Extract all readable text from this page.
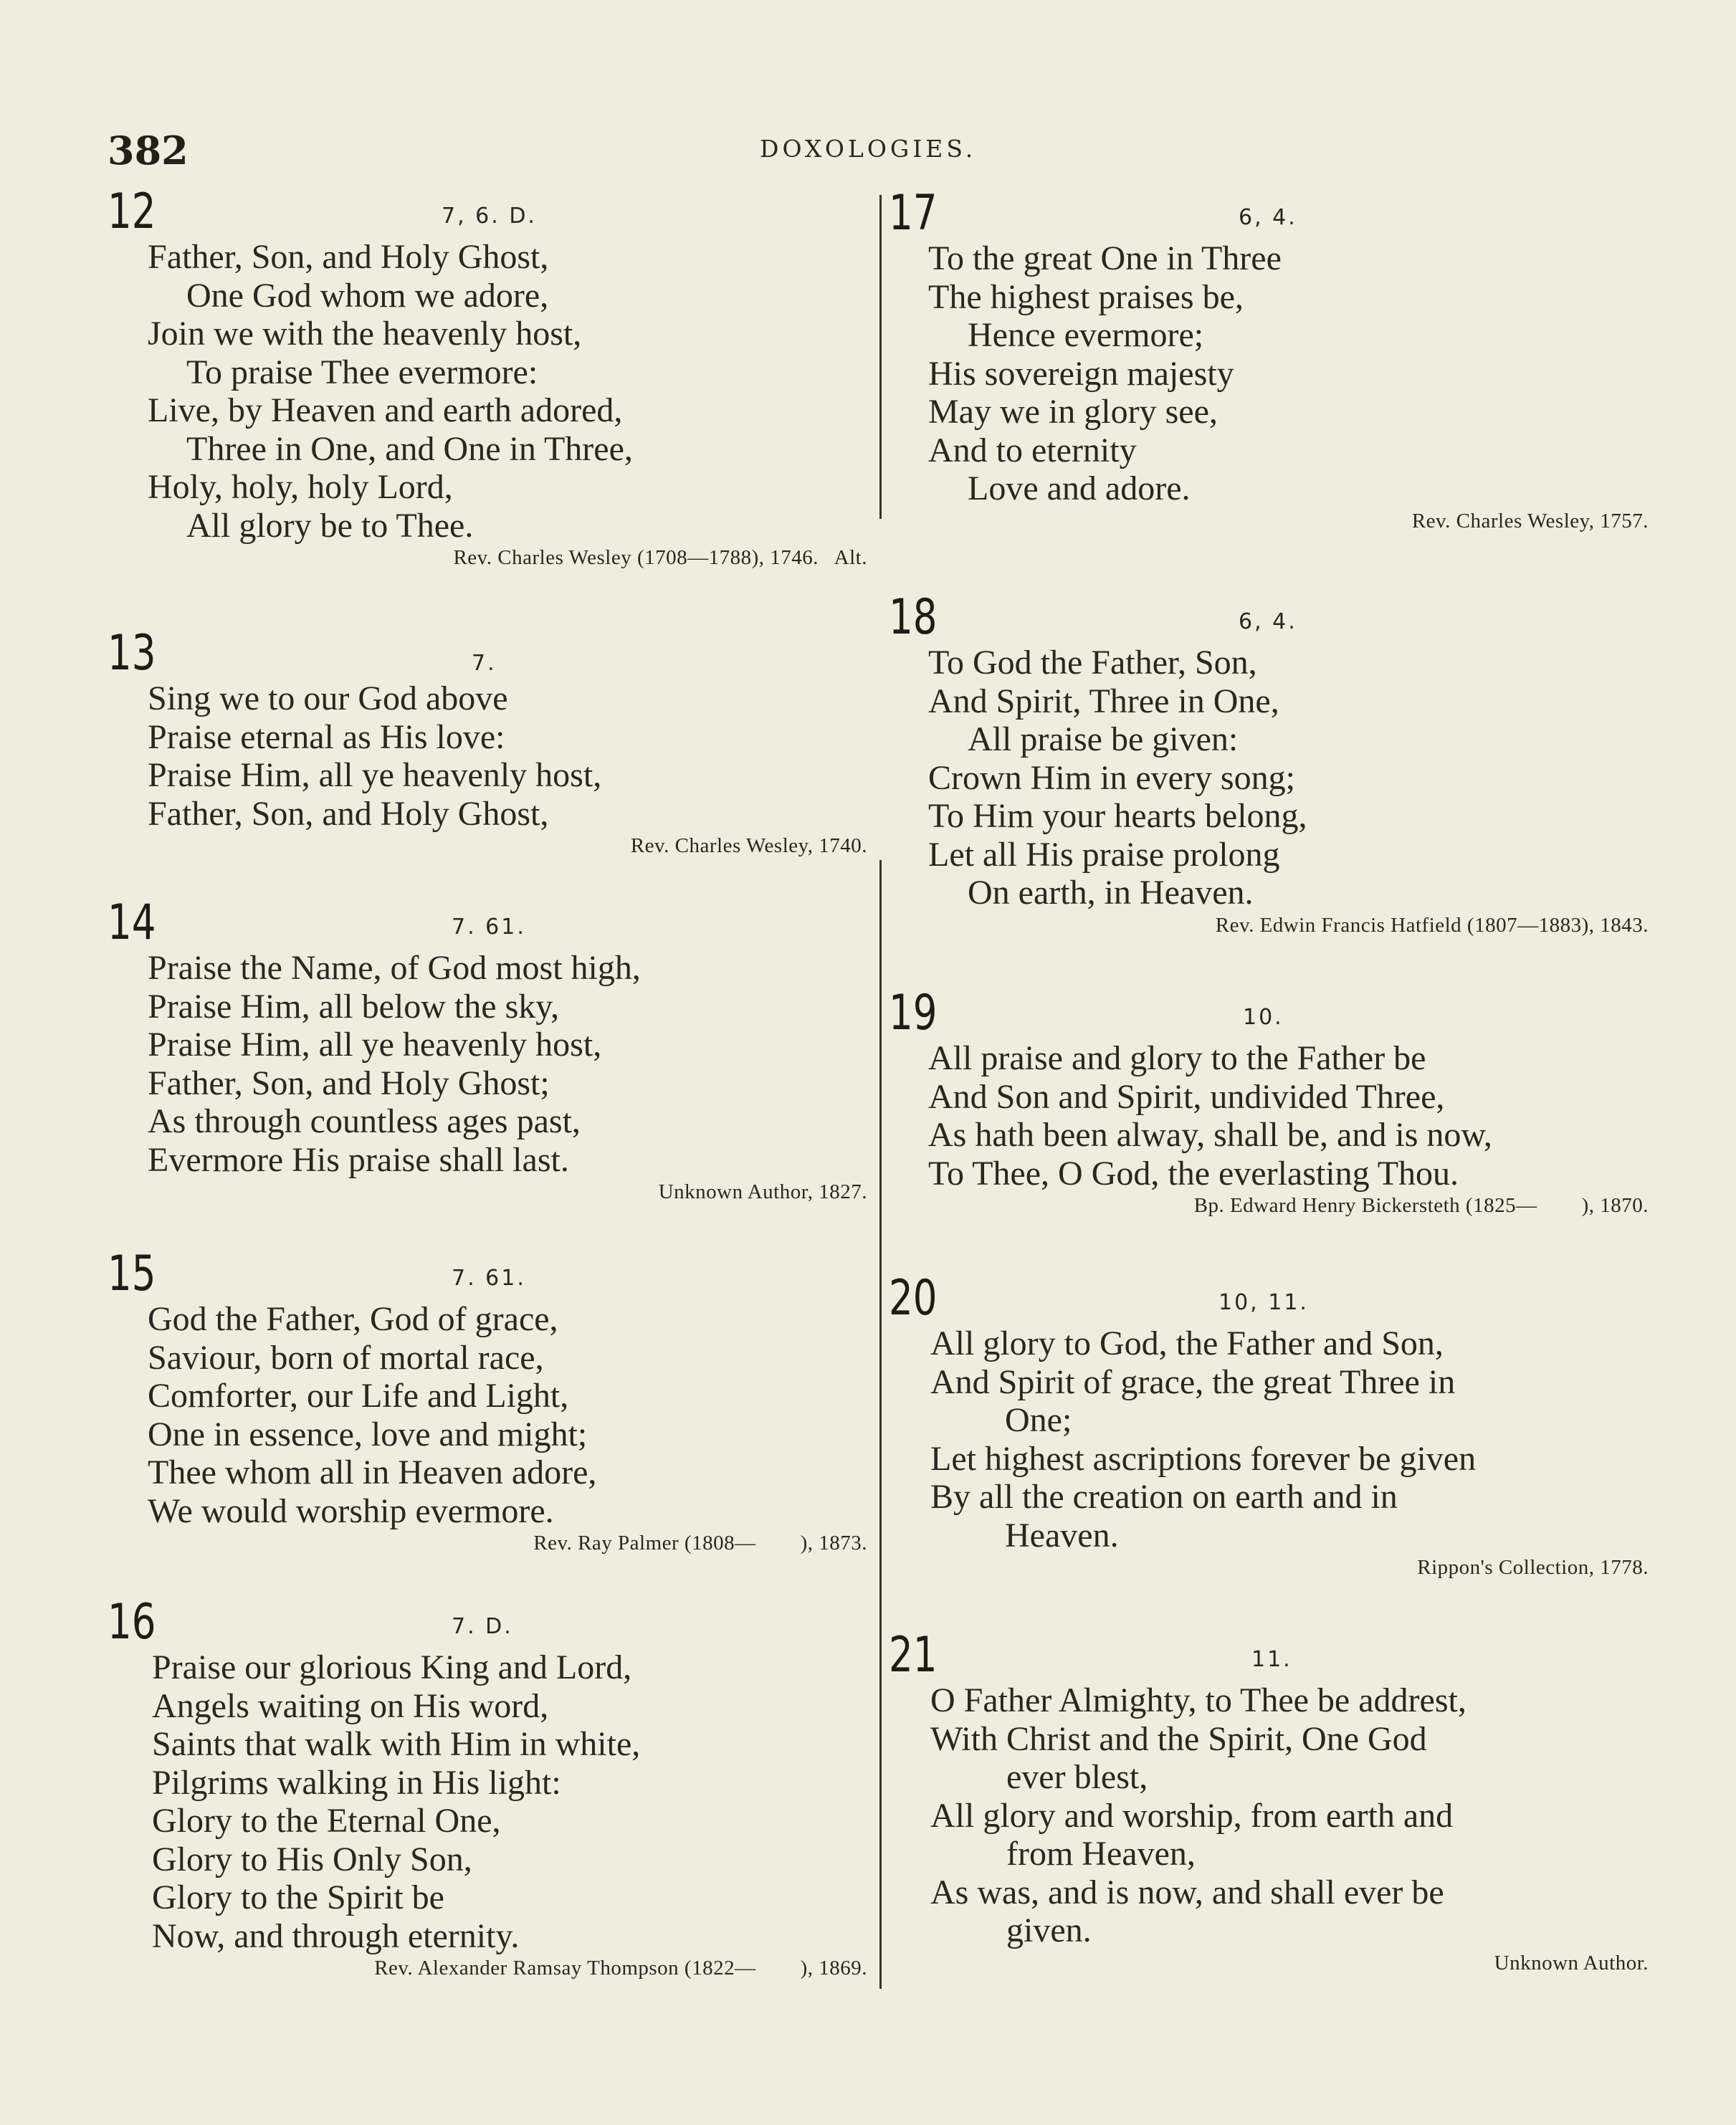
382	DOXOLOGIES.
12	7, 6. D.
Father, Son, and Holy Ghost,
One God whom we adore,
Join we with the heavenly host,
To praise Thee evermore:
Live, by Heaven and earth adored,
Three in One, and One in Three,
Holy, holy, holy Lord,
All glory be to Thee.
Rev. Charles Wesley (1708—1788), 1746.   Alt.
13	7.
Sing we to our God above
Praise eternal as His love:
Praise Him, all ye heavenly host,
Father, Son, and Holy Ghost,
Rev. Charles Wesley, 1740.
14	7. 61.
Praise the Name, of God most high,
Praise Him, all below the sky,
Praise Him, all ye heavenly host,
Father, Son, and Holy Ghost;
As through countless ages past,
Evermore His praise shall last.
Unknown Author, 1827.
15	7. 61.
God the Father, God of grace,
Saviour, born of mortal race,
Comforter, our Life and Light,
One in essence, love and might;
Thee whom all in Heaven adore,
We would worship evermore.
Rev. Ray Palmer (1808—        ), 1873.
16	7. D.
Praise our glorious King and Lord,
Angels waiting on His word,
Saints that walk with Him in white,
Pilgrims walking in His light:
Glory to the Eternal One,
Glory to His Only Son,
Glory to the Spirit be
Now, and through eternity.
Rev. Alexander Ramsay Thompson (1822—        ), 1869.
17	6, 4.
To the great One in Three
The highest praises be,
Hence evermore;
His sovereign majesty
May we in glory see,
And to eternity
Love and adore.
Rev. Charles Wesley, 1757.
18	6, 4.
To God the Father, Son,
And Spirit, Three in One,
All praise be given:
Crown Him in every song;
To Him your hearts belong,
Let all His praise prolong
On earth, in Heaven.
Rev. Edwin Francis Hatfield (1807—1883), 1843.
19	10.
All praise and glory to the Father be
And Son and Spirit, undivided Three,
As hath been alway, shall be, and is now,
To Thee, O God, the everlasting Thou.
Bp. Edward Henry Bickersteth (1825—        ), 1870.
20	10, 11.
All glory to God, the Father and Son,
And Spirit of grace, the great Three in
One;
Let highest ascriptions forever be given
By all the creation on earth and in
Heaven.
Rippon's Collection, 1778.
21	11.
O Father Almighty, to Thee be addrest,
With Christ and the Spirit, One God
ever blest,
All glory and worship, from earth and
from Heaven,
As was, and is now, and shall ever be
given.
Unknown Author.
